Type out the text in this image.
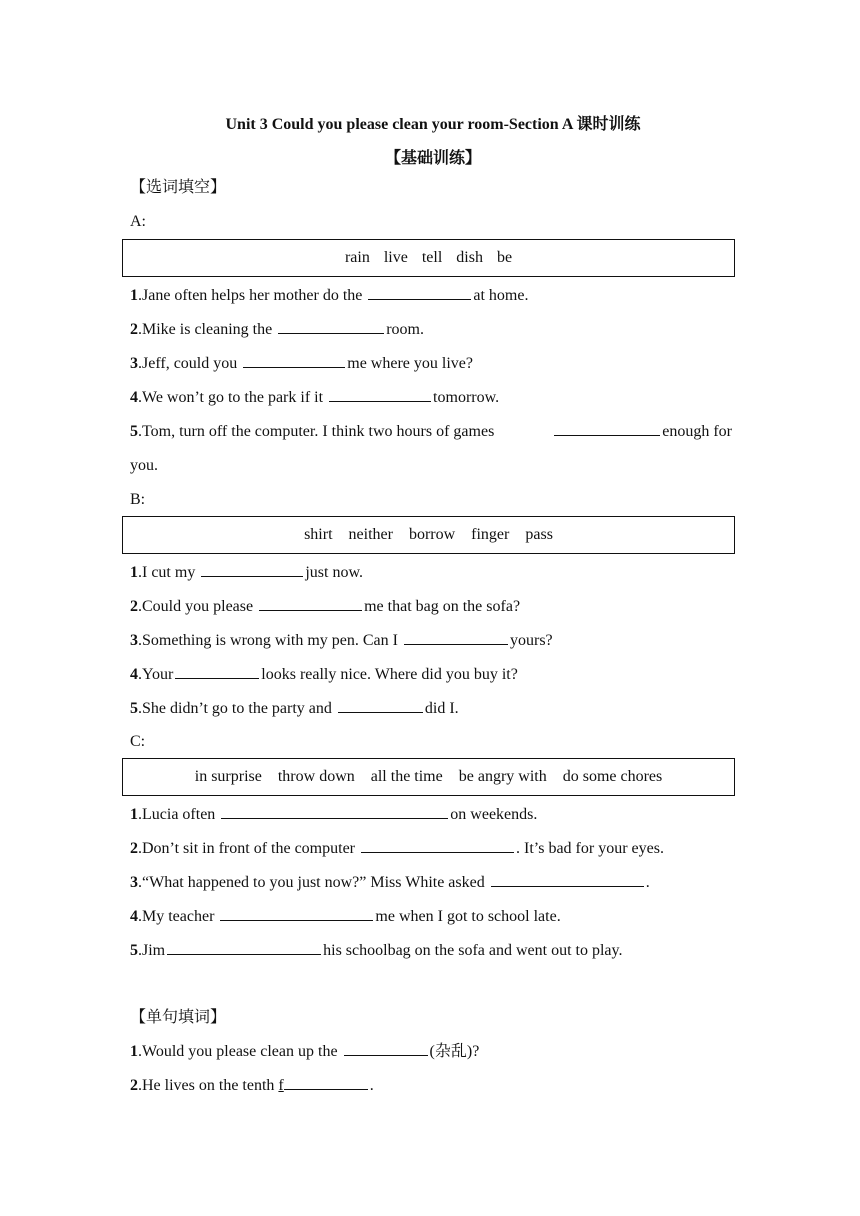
Unit 3 Could you please clean your room-Section A 课时训练
【基础训练】
【选词填空】
A:
rain live tell dish be
1.Jane often helps her mother do the	at home.
2.Mike is cleaning the	room.
3.Jeff, could you	me where you live?
4.We won’t go to the park if it	tomorrow.
5.Tom, turn off the computer. I think two hours of games	enough for
you.
B:
shirt neither borrow finger pass
1.I cut my	just now.
2.Could you please	me that bag on the sofa?
3.Something is wrong with my pen. Can I	yours?
4.Your	looks really nice. Where did you buy it?
5.She didn’t go to the party and	did I.
C:
in surprise throw down all the time be angry with do some chores
1.Lucia often	on weekends.
2.Don’t sit in front of the computer	. It’s bad for your eyes.
3.“What happened to you just now?” Miss White asked	.
4.My teacher	me when I got to school late.
5.Jim	his schoolbag on the sofa and went out to play.
【单句填词】
1.Would you please clean up the	(杂乱)?
2.He lives on the tenth f	.
